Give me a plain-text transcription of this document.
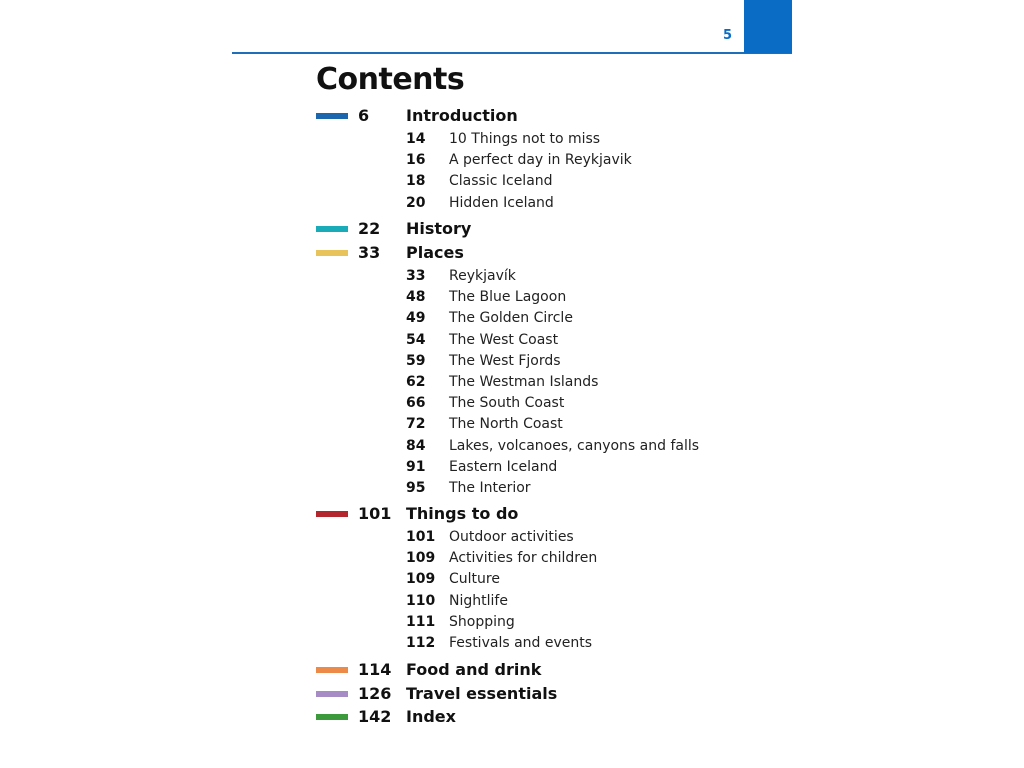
5
Contents
6 Introduction
14 10 Things not to miss
16 A perfect day in Reykjavik
18 Classic Iceland
20 Hidden Iceland
22 History
33 Places
33 Reykjavík
48 The Blue Lagoon
49 The Golden Circle
54 The West Coast
59 The West Fjords
62 The Westman Islands
66 The South Coast
72 The North Coast
84 Lakes, volcanoes, canyons and falls
91 Eastern Iceland
95 The Interior
101 Things to do
101 Outdoor activities
109 Activities for children
109 Culture
110 Nightlife
111 Shopping
112 Festivals and events
114 Food and drink
126 Travel essentials
142 Index
